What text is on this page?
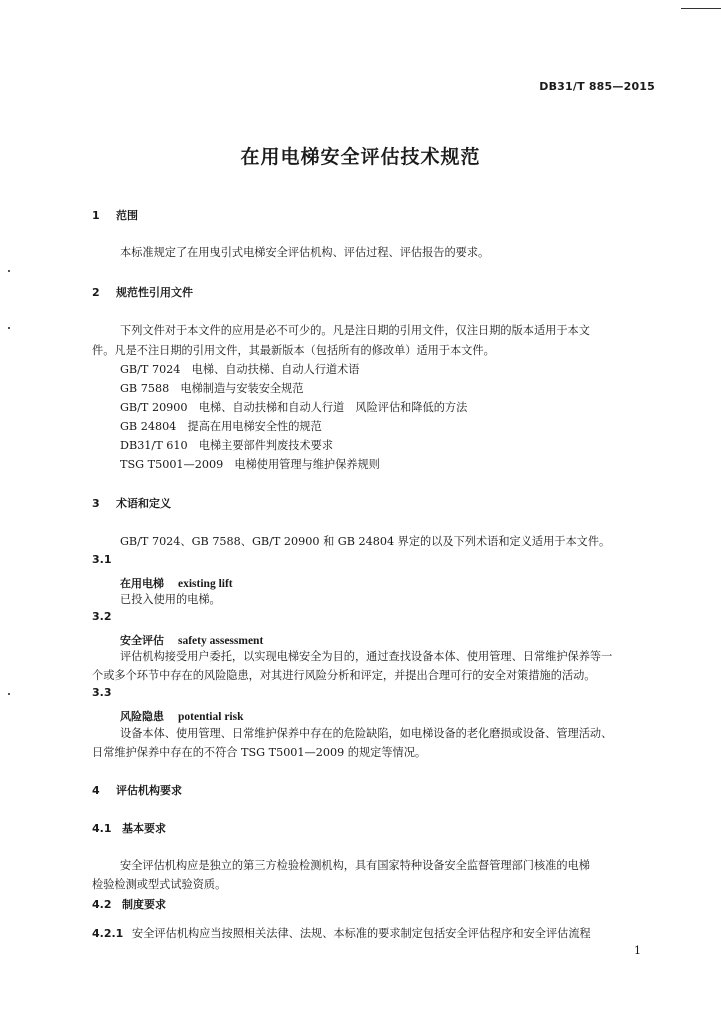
DB31/T 885—2015
在用电梯安全评估技术规范
1 范围
本标准规定了在用曳引式电梯安全评估机构、评估过程、评估报告的要求。
2 规范性引用文件
下列文件对于本文件的应用是必不可少的。凡是注日期的引用文件，仅注日期的版本适用于本文
件。凡是不注日期的引用文件，其最新版本（包括所有的修改单）适用于本文件。
GB/T 7024　 电梯、自动扶梯、自动人行道术语
GB 7588　 电梯制造与安装安全规范
GB/T 20900　 电梯、自动扶梯和自动人行道　风险评估和降低的方法
GB 24804　 提高在用电梯安全性的规范
DB31/T 610　 电梯主要部件判废技术要求
TSG T5001—2009　 电梯使用管理与维护保养规则
3 术语和定义
GB/T 7024、GB 7588、GB/T 20900 和 GB 24804 界定的以及下列术语和定义适用于本文件。
3.1
在用电梯 existing lift
已投入使用的电梯。
3.2
安全评估 safety assessment
评估机构接受用户委托，以实现电梯安全为目的，通过查找设备本体、使用管理、日常维护保养等一
个或多个环节中存在的风险隐患，对其进行风险分析和评定，并提出合理可行的安全对策措施的活动。
3.3
风险隐患 potential risk
设备本体、使用管理、日常维护保养中存在的危险缺陷，如电梯设备的老化磨损或设备、管理活动、
日常维护保养中存在的不符合 TSG T5001—2009 的规定等情况。
4 评估机构要求
4.1 基本要求
安全评估机构应是独立的第三方检验检测机构，具有国家特种设备安全监督管理部门核准的电梯
检验检测或型式试验资质。
4.2 制度要求
4.2.1 安全评估机构应当按照相关法律、法规、本标准的要求制定包括安全评估程序和安全评估流程
1
